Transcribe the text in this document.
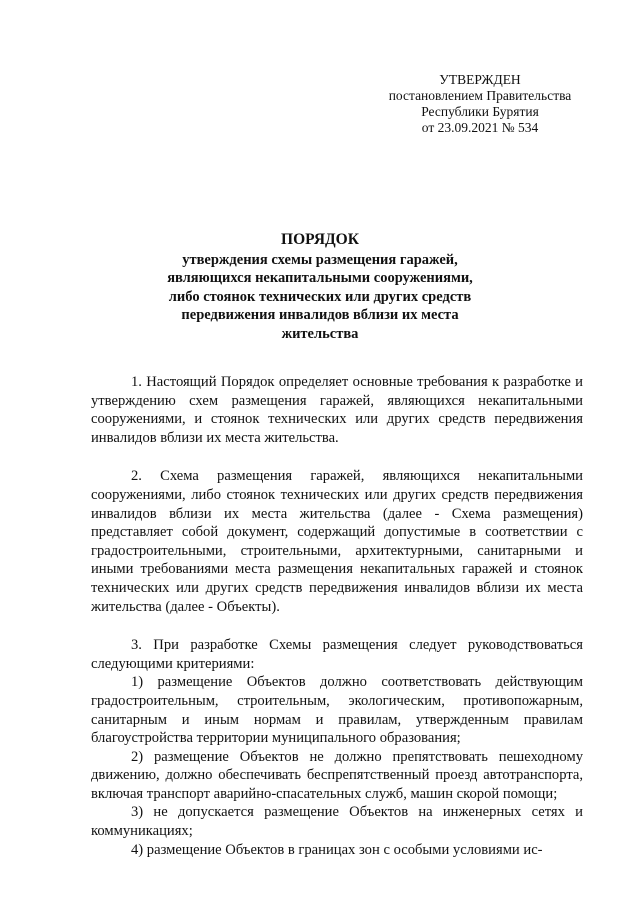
УТВЕРЖДЕН
постановлением Правительства
Республики Бурятия
от 23.09.2021 № 534
ПОРЯДОК
утверждения схемы размещения гаражей,
являющихся некапитальными сооружениями,
либо стоянок технических или других средств
передвижения инвалидов вблизи их места
жительства

1. Настоящий Порядок определяет основные требования к разработке и утверждению схем размещения гаражей, являющихся некапитальными сооружениями, и стоянок технических или других средств передвижения инвалидов вблизи их места жительства.

2. Схема размещения гаражей, являющихся некапитальными сооружениями, либо стоянок технических или других средств передвижения инвалидов вблизи их места жительства (далее - Схема размещения) представляет собой документ, содержащий допустимые в соответствии с градостроительными, строительными, архитектурными, санитарными и иными требованиями места размещения некапитальных гаражей и стоянок технических или других средств передвижения инвалидов вблизи их места жительства (далее - Объекты).

3. При разработке Схемы размещения следует руководствоваться следующими критериями:

1) размещение Объектов должно соответствовать действующим градостроительным, строительным, экологическим, противопожарным, санитарным и иным нормам и правилам, утвержденным правилам благоустройства территории муниципального образования;

2) размещение Объектов не должно препятствовать пешеходному движению, должно обеспечивать беспрепятственный проезд автотранспорта, включая транспорт аварийно-спасательных служб, машин скорой помощи;

3) не допускается размещение Объектов на инженерных сетях и коммуникациях;

4) размещение Объектов в границах зон с особыми условиями ис-
